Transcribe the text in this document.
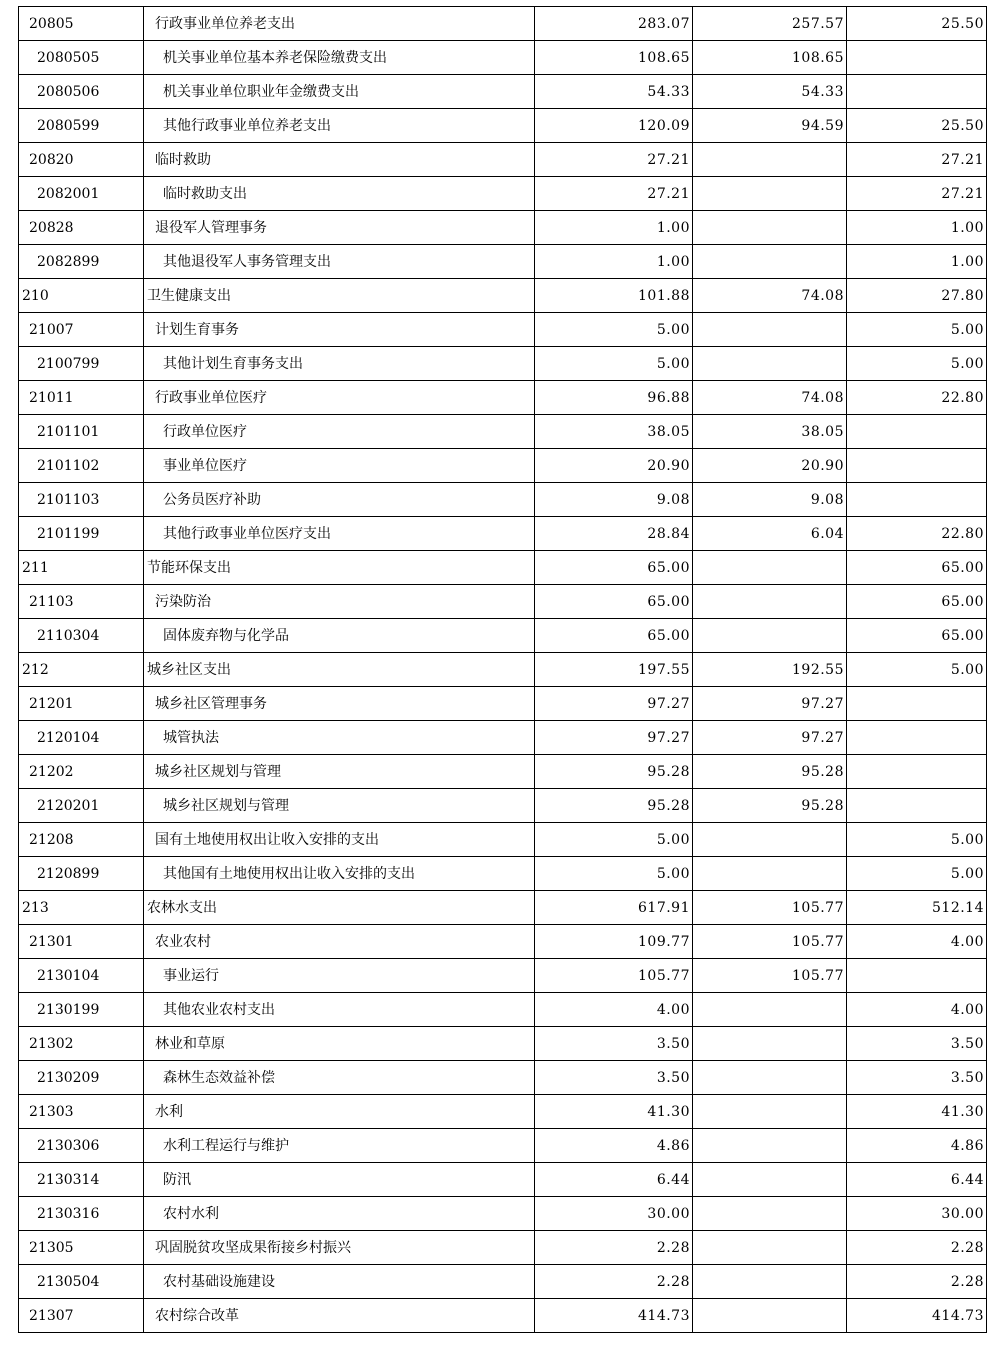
20805	行政事业单位养老支出	283.07	257.57	25.50
2080505	机关事业单位基本养老保险缴费支出	108.65	108.65	
2080506	机关事业单位职业年金缴费支出	54.33	54.33	
2080599	其他行政事业单位养老支出	120.09	94.59	25.50
20820	临时救助	27.21		27.21
2082001	临时救助支出	27.21		27.21
20828	退役军人管理事务	1.00		1.00
2082899	其他退役军人事务管理支出	1.00		1.00
210	卫生健康支出	101.88	74.08	27.80
21007	计划生育事务	5.00		5.00
2100799	其他计划生育事务支出	5.00		5.00
21011	行政事业单位医疗	96.88	74.08	22.80
2101101	行政单位医疗	38.05	38.05	
2101102	事业单位医疗	20.90	20.90	
2101103	公务员医疗补助	9.08	9.08	
2101199	其他行政事业单位医疗支出	28.84	6.04	22.80
211	节能环保支出	65.00		65.00
21103	污染防治	65.00		65.00
2110304	固体废弃物与化学品	65.00		65.00
212	城乡社区支出	197.55	192.55	5.00
21201	城乡社区管理事务	97.27	97.27	
2120104	城管执法	97.27	97.27	
21202	城乡社区规划与管理	95.28	95.28	
2120201	城乡社区规划与管理	95.28	95.28	
21208	国有土地使用权出让收入安排的支出	5.00		5.00
2120899	其他国有土地使用权出让收入安排的支出	5.00		5.00
213	农林水支出	617.91	105.77	512.14
21301	农业农村	109.77	105.77	4.00
2130104	事业运行	105.77	105.77	
2130199	其他农业农村支出	4.00		4.00
21302	林业和草原	3.50		3.50
2130209	森林生态效益补偿	3.50		3.50
21303	水利	41.30		41.30
2130306	水利工程运行与维护	4.86		4.86
2130314	防汛	6.44		6.44
2130316	农村水利	30.00		30.00
21305	巩固脱贫攻坚成果衔接乡村振兴	2.28		2.28
2130504	农村基础设施建设	2.28		2.28
21307	农村综合改革	414.73		414.73
